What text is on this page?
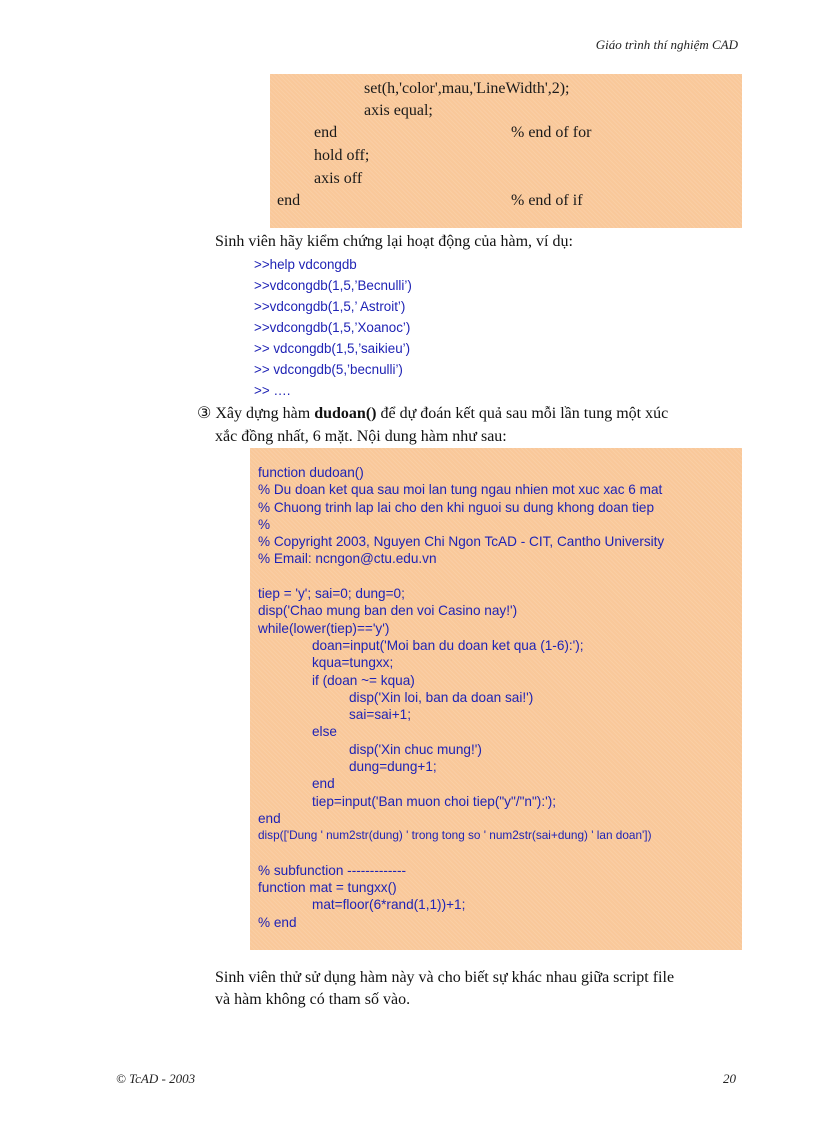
Giáo trình thí nghiệm CAD
set(h,'color',mau,'LineWidth',2);
axis equal;
end	% end of for
hold off;
axis off
end	% end of if
Sinh viên hãy kiểm chứng lại hoạt động của hàm, ví dụ:
>>help vdcongdb
>>vdcongdb(1,5,’Becnulli’)
>>vdcongdb(1,5,’ Astroit’)
>>vdcongdb(1,5,’Xoanoc’)
>> vdcongdb(1,5,’saikieu’)
>> vdcongdb(5,’becnulli’)
>> ….
③ Xây dựng hàm dudoan() để dự đoán kết quả sau mỗi lần tung một xúc
xắc đồng nhất, 6 mặt. Nội dung hàm như sau:
function dudoan()
% Du doan ket qua sau moi lan tung ngau nhien mot xuc xac 6 mat
% Chuong trinh lap lai cho den khi nguoi su dung khong doan tiep
%
% Copyright 2003, Nguyen Chi Ngon TcAD - CIT, Cantho University
% Email: ncngon@ctu.edu.vn
tiep = 'y'; sai=0; dung=0;
disp('Chao mung ban den voi Casino nay!')
while(lower(tiep)=='y')
doan=input('Moi ban du doan ket qua (1-6):');
kqua=tungxx;
if (doan ~= kqua)
disp('Xin loi, ban da doan sai!')
sai=sai+1;
else
disp('Xin chuc mung!')
dung=dung+1;
end
tiep=input('Ban muon choi tiep("y"/"n"):');
end
disp(['Dung ' num2str(dung) ' trong tong so ' num2str(sai+dung) ' lan doan'])
% subfunction -------------
function mat = tungxx()
mat=floor(6*rand(1,1))+1;
% end
Sinh viên thử sử dụng hàm này và cho biết sự khác nhau giữa script file
và hàm không có tham số vào.
© TcAD - 2003	20
